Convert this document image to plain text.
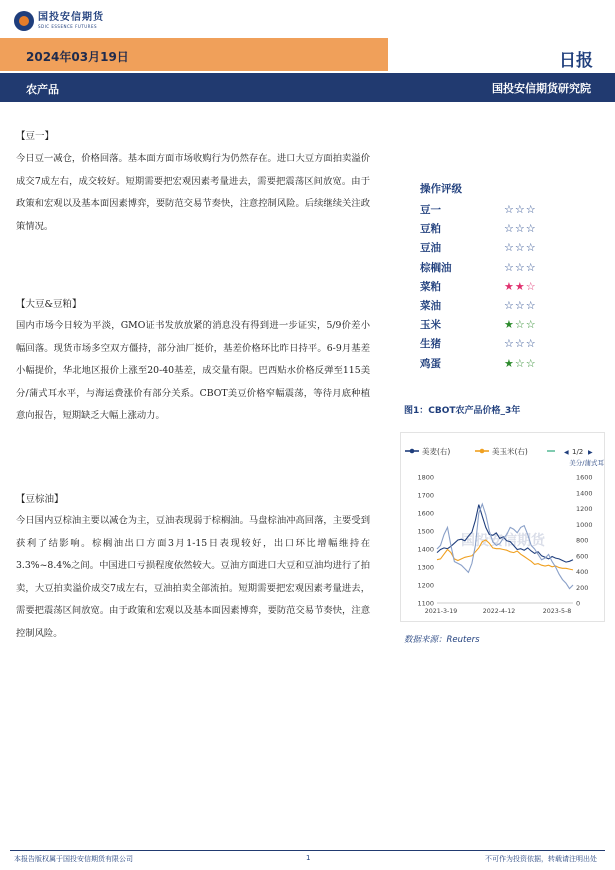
国投安信期货
SDIC ESSENCE FUTURES
2024年03月19日	日报
农产品	国投安信期货研究院
【豆一】
今日豆一减仓，价格回落。基本面方面市场收购行为仍然存在。进口大豆方面拍卖溢价成交7成左右，成交较好。短期需要把宏观因素考量进去，需要把震荡区间放宽。由于政策和宏观以及基本面因素博弈，要防范交易节奏快，注意控制风险。后续继续关注政策情况。
【大豆&豆粕】
国内市场今日较为平淡，GMO证书发放放紧的消息没有得到进一步证实，5/9价差小幅回落。现货市场多空双方僵持，部分油厂挺价，基差价格环比昨日持平。6-9月基差小幅提价，华北地区报价上涨至20-40基差，成交量有限。巴西贴水价格反弹至115美分/蒲式耳水平，与海运费涨价有部分关系。CBOT美豆价格窄幅震荡，等待月底种植意向报告，短期缺乏大幅上涨动力。
【豆棕油】
今日国内豆棕油主要以减仓为主，豆油表现弱于棕榈油。马盘棕油冲高回落，主要受到获利了结影响。棕榈油出口方面3月1-15日表现较好，出口环比增幅维持在3.3%~8.4%之间。中国进口亏损程度依然较大。豆油方面进口大豆和豆油均进行了拍卖，大豆拍卖溢价成交7成左右，豆油拍卖全部流拍。短期需要把宏观因素考量进去，需要把震荡区间放宽。由于政策和宏观以及基本面因素博弈，要防范交易节奏快，注意控制风险。
操作评级
豆一	☆☆☆
豆粕	☆☆☆
豆油	☆☆☆
棕榈油	☆☆☆
菜粕	★★☆
菜油	☆☆☆
玉米	★☆☆
生猪	☆☆☆
鸡蛋	★☆☆
图1：CBOT农产品价格_3年
国投安信期货
美麦(右)	美玉米(右)	1/2
◀	▶
美分/蒲式耳
1100
1200
1300
1400
1500
1600
1700
1800
0
200
400
600
800
1000
1200
1400
1600
2021-3-19	2022-4-12	2023-5-8
数据来源：Reuters
本报告版权属于国投安信期货有限公司	1	不可作为投资依据，转载请注明出处
